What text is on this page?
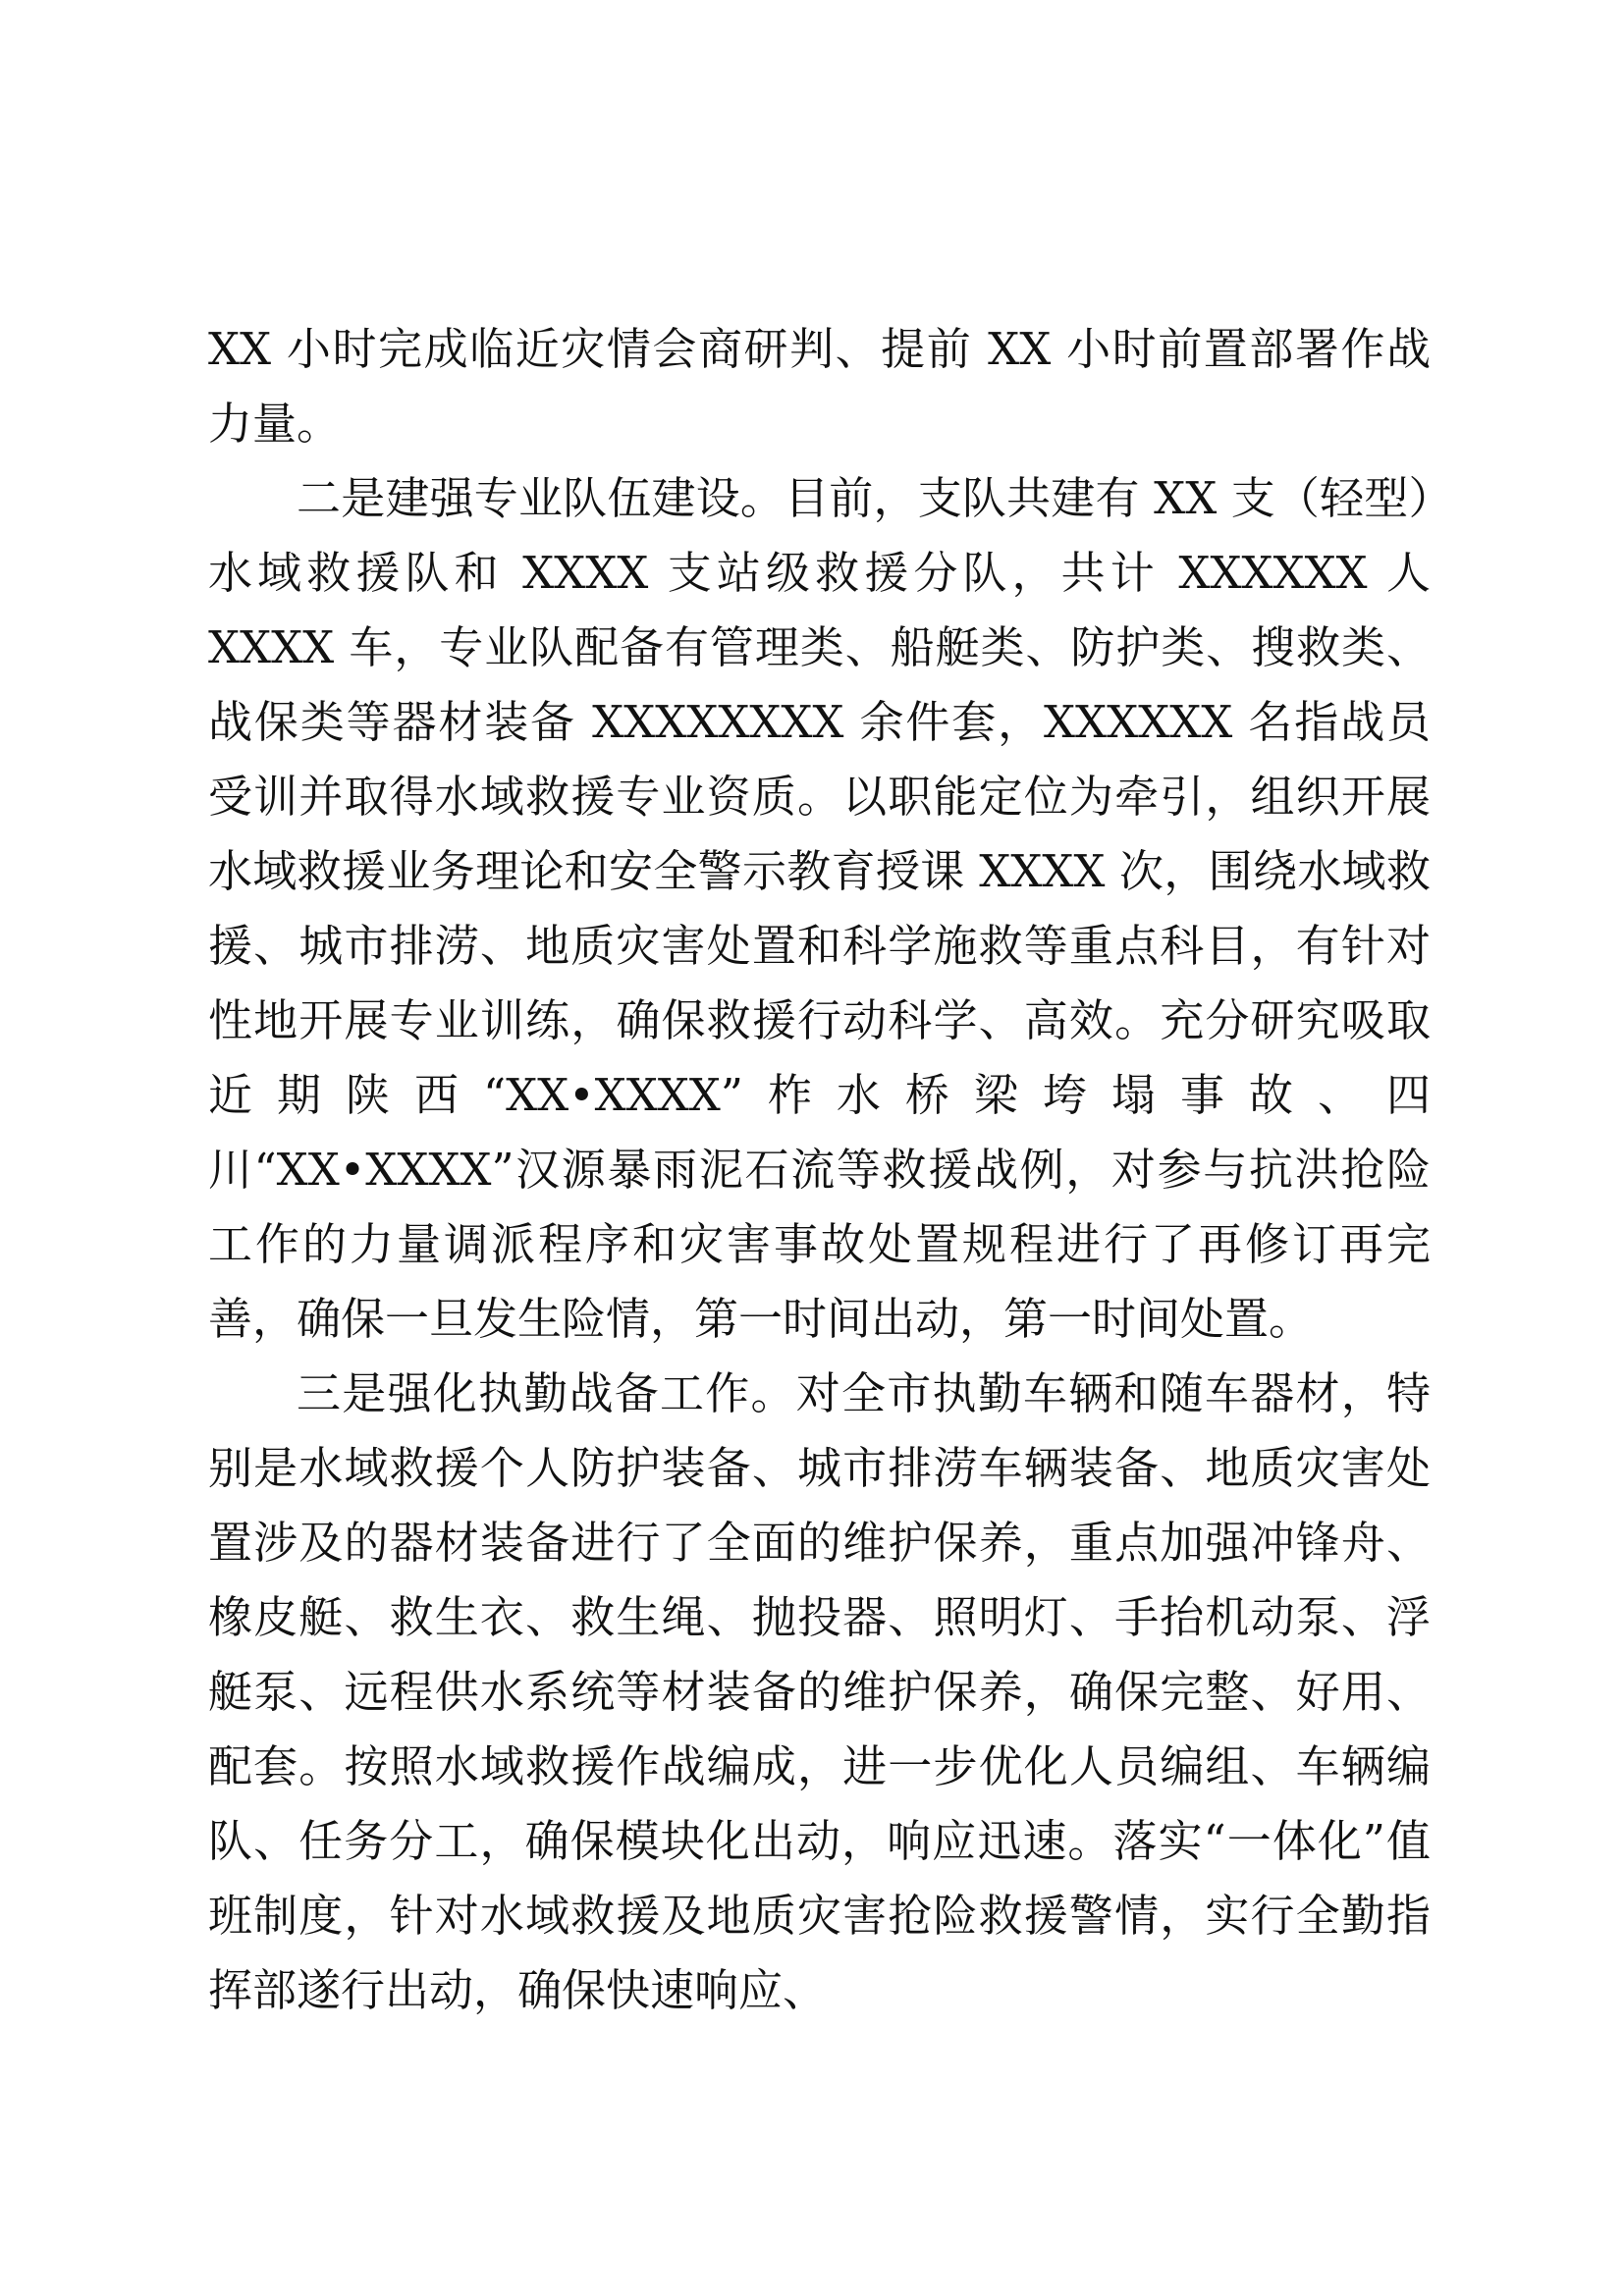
XX 小时完成临近灾情会商研判、提前 XX 小时前置部署作战力量。

二是建强专业队伍建设。目前，支队共建有 XX 支（轻型）水域救援队和 XXXX 支站级救援分队，共计 XXXXXX 人 XXXX 车，专业队配备有管理类、船艇类、防护类、搜救类、战保类等器材装备 XXXXXXXX 余件套，XXXXXX 名指战员受训并取得水域救援专业资质。以职能定位为牵引，组织开展水域救援业务理论和安全警示教育授课 XXXX 次，围绕水域救援、城市排涝、地质灾害处置和科学施救等重点科目，有针对性地开展专业训练，确保救援行动科学、高效。充分研究吸取近期陕西“XX•XXXX”柞水桥梁垮塌事故、四川“XX•XXXX”汉源暴雨泥石流等救援战例，对参与抗洪抢险工作的力量调派程序和灾害事故处置规程进行了再修订再完善，确保一旦发生险情，第一时间出动，第一时间处置。

三是强化执勤战备工作。对全市执勤车辆和随车器材，特别是水域救援个人防护装备、城市排涝车辆装备、地质灾害处置涉及的器材装备进行了全面的维护保养，重点加强冲锋舟、橡皮艇、救生衣、救生绳、抛投器、照明灯、手抬机动泵、浮艇泵、远程供水系统等材装备的维护保养，确保完整、好用、配套。按照水域救援作战编成，进一步优化人员编组、车辆编队、任务分工，确保模块化出动，响应迅速。落实“一体化”值班制度，针对水域救援及地质灾害抢险救援警情，实行全勤指挥部遂行出动，确保快速响应、
